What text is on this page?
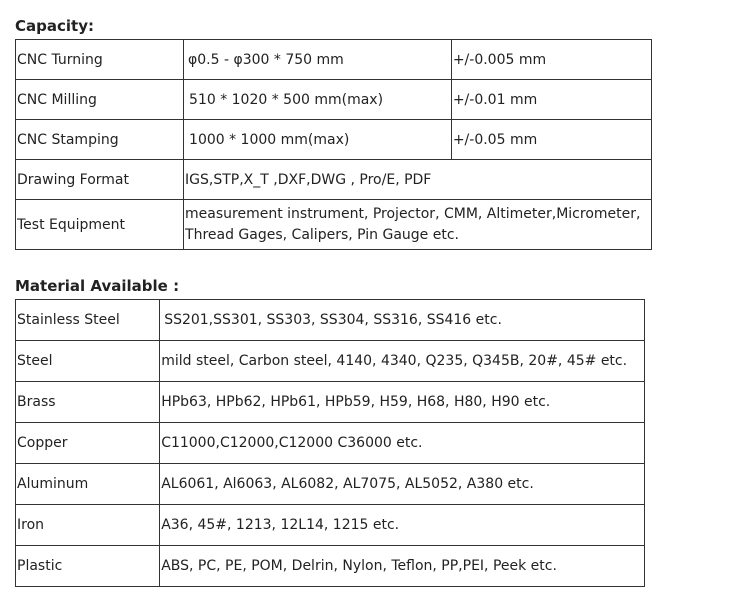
Capacity:
CNC Turning	φ0.5 - φ300 * 750 mm	+/-0.005 mm
CNC Milling	510 * 1020 * 500 mm(max)	+/-0.01 mm
CNC Stamping	1000 * 1000 mm(max)	+/-0.05 mm
Drawing Format	IGS,STP,X_T ,DXF,DWG , Pro/E, PDF	
Test Equipment	measurement instrument, Projector, CMM, Altimeter,Micrometer, Thread Gages, Calipers, Pin Gauge etc.	
Material Available :
Stainless Steel	SS201,SS301, SS303, SS304, SS316, SS416 etc.
Steel	mild steel, Carbon steel, 4140, 4340, Q235, Q345B, 20#, 45# etc.
Brass	HPb63, HPb62, HPb61, HPb59, H59, H68, H80, H90 etc.
Copper	C11000,C12000,C12000 C36000 etc.
Aluminum	AL6061, Al6063, AL6082, AL7075, AL5052, A380 etc.
Iron	A36, 45#, 1213, 12L14, 1215 etc.
Plastic	ABS, PC, PE, POM, Delrin, Nylon, Teflon, PP,PEI, Peek etc.
